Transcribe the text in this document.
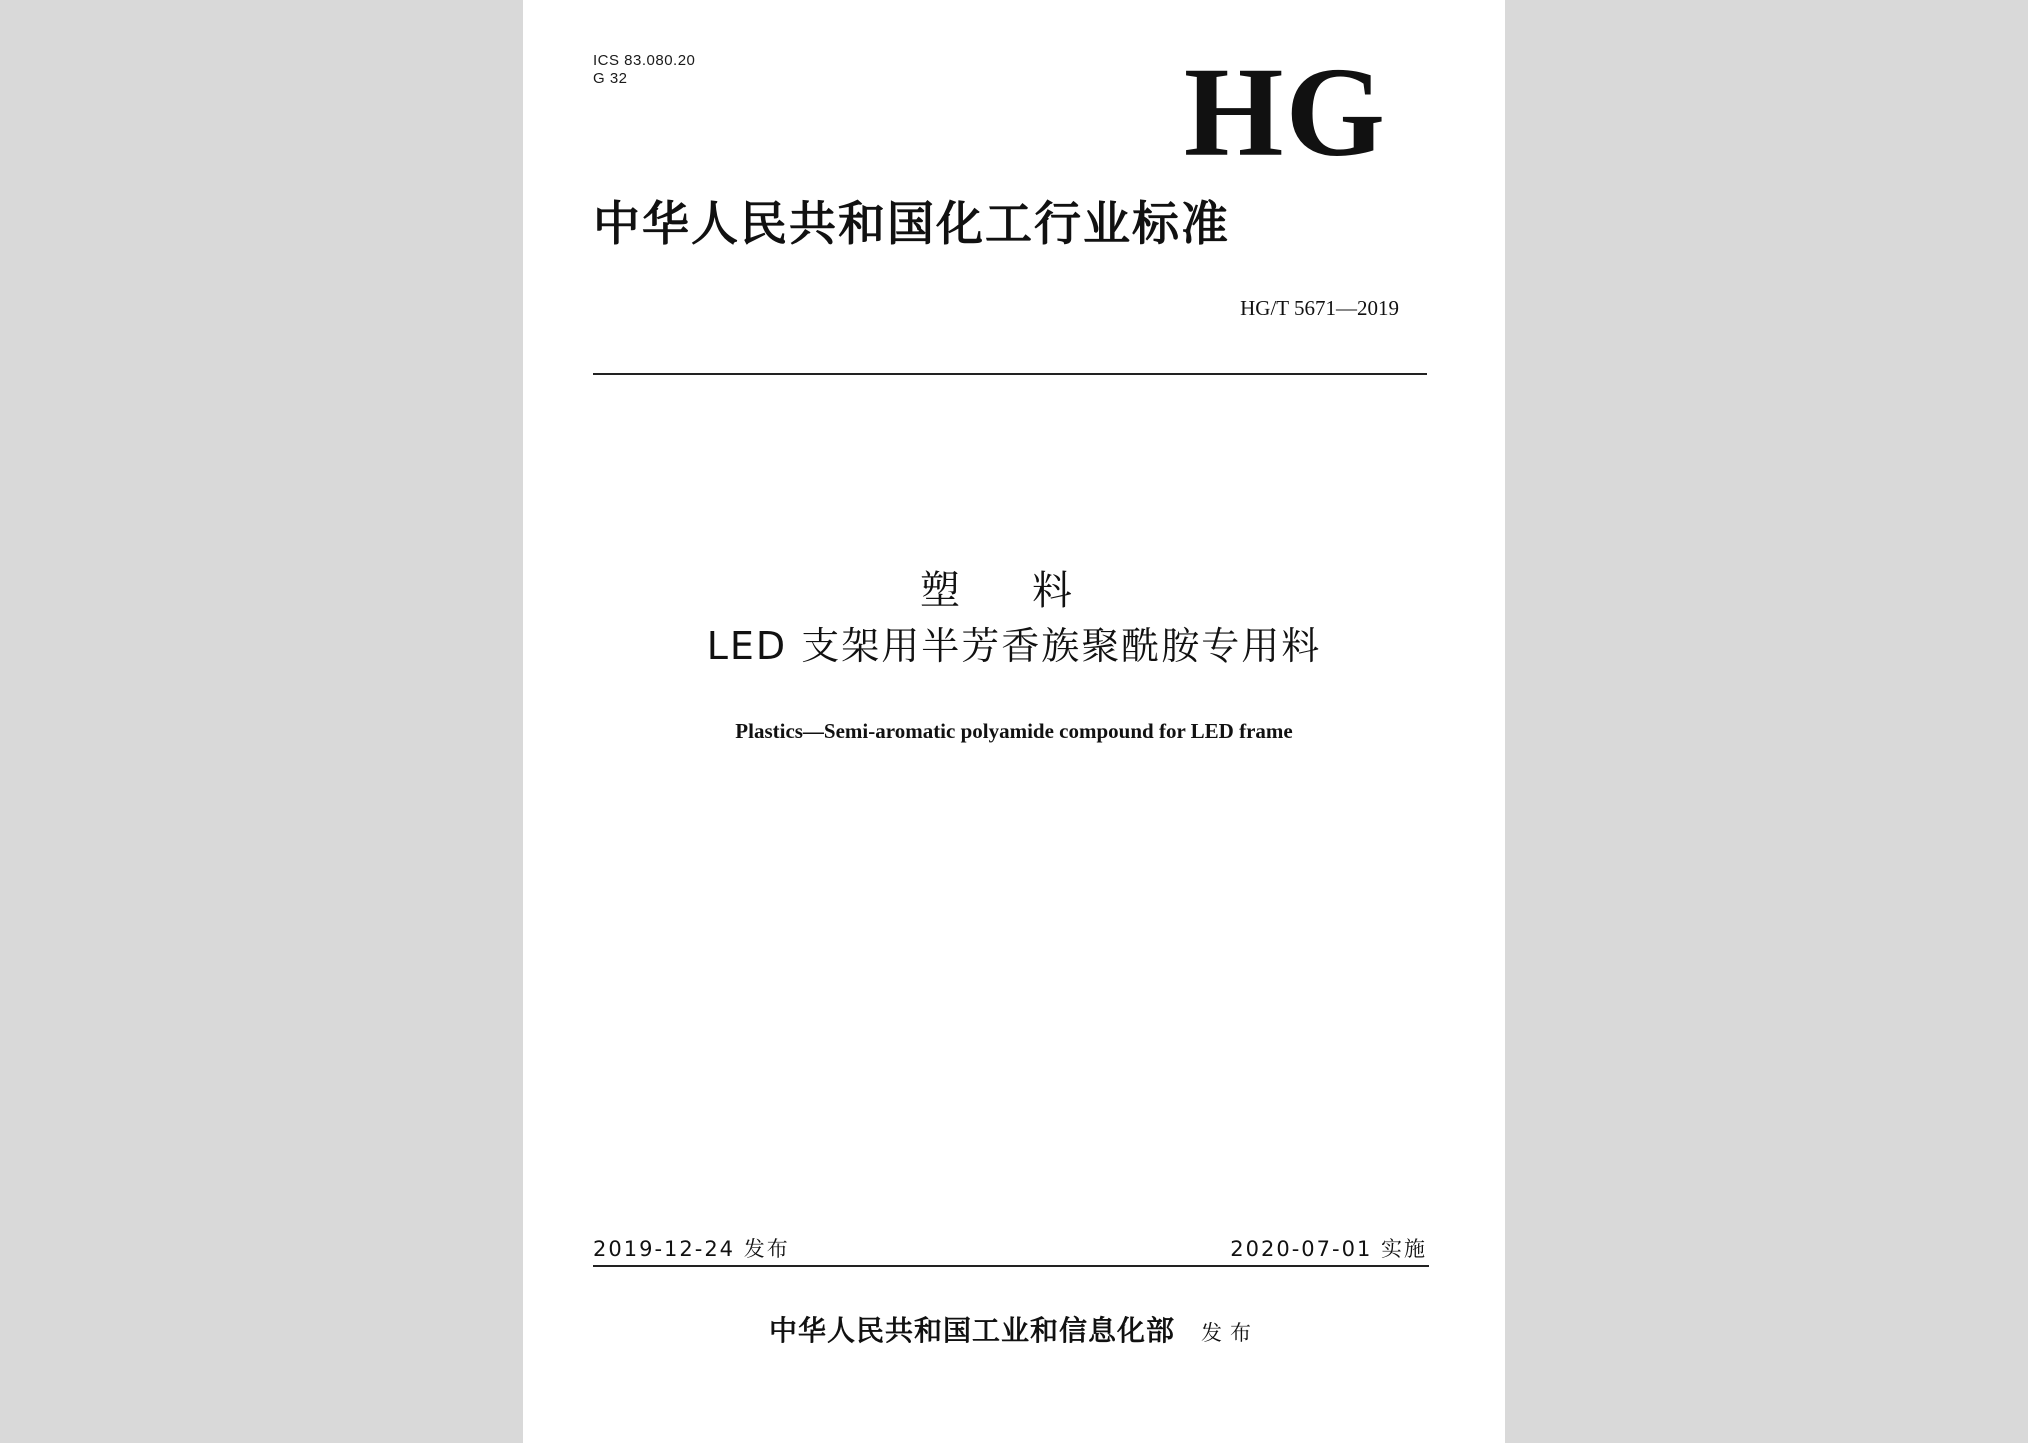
ICS 83.080.20
G 32	HG
中华人民共和国化工行业标准
HG/T 5671—2019
塑料
LED 支架用半芳香族聚酰胺专用料
Plastics—Semi-aromatic polyamide compound for LED frame
2019-12-24 发布	2020-07-01 实施
中华人民共和国工业和信息化部 发布
